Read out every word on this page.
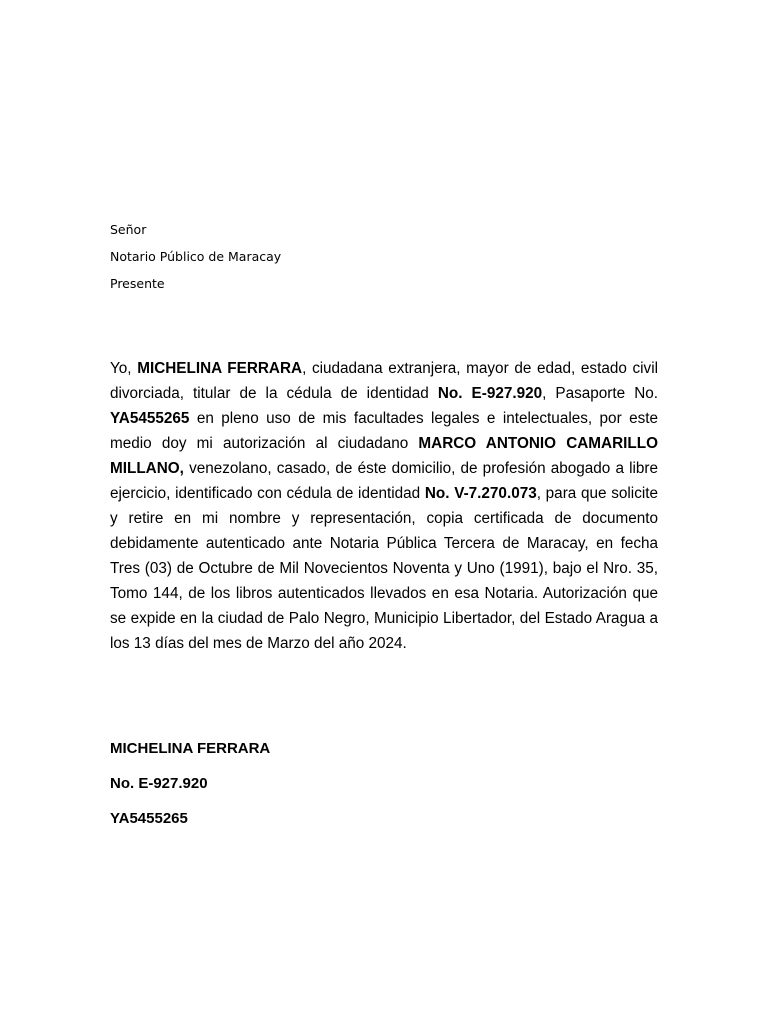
Señor
Notario Público de Maracay
Presente

Yo, MICHELINA FERRARA, ciudadana extranjera, mayor de edad, estado civil divorciada, titular de la cédula de identidad No. E-927.920, Pasaporte No. YA5455265 en pleno uso de mis facultades legales e intelectuales, por este medio doy mi autorización al ciudadano MARCO ANTONIO CAMARILLO MILLANO, venezolano, casado, de éste domicilio, de profesión abogado a libre ejercicio, identificado con cédula de identidad No. V-7.270.073, para que solicite y retire en mi nombre y representación, copia certificada de documento debidamente autenticado ante Notaria Pública Tercera de Maracay, en fecha Tres (03) de Octubre de Mil Novecientos Noventa y Uno (1991), bajo el Nro. 35, Tomo 144, de los libros autenticados llevados en esa Notaria. Autorización que se expide en la ciudad de Palo Negro, Municipio Libertador, del Estado Aragua a los 13 días del mes de Marzo del año 2024.

MICHELINA FERRARA
No. E-927.920
YA5455265
